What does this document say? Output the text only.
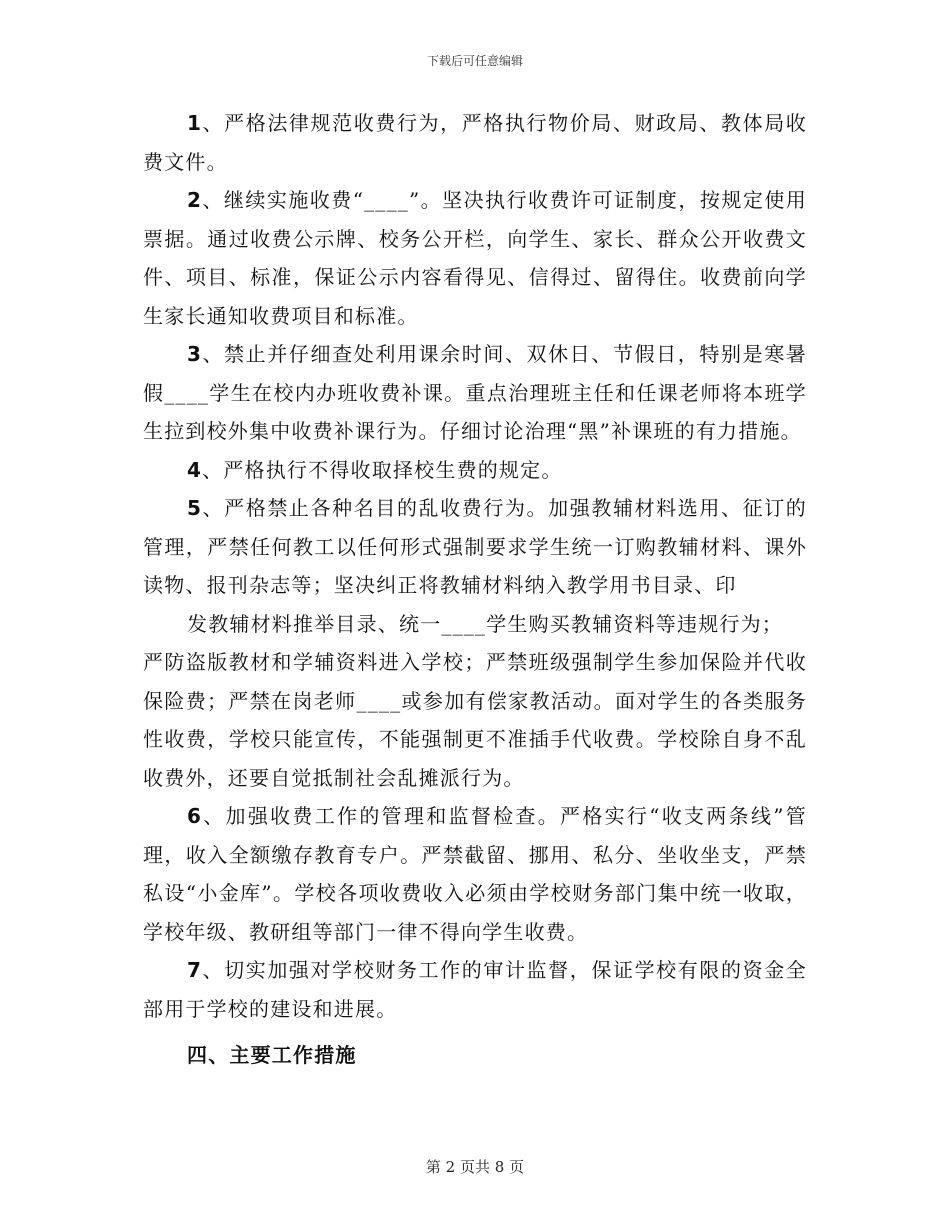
下载后可任意编辑

1、严格法律规范收费行为，严格执行物价局、财政局、教体局收费文件。

2、继续实施收费“____”。坚决执行收费许可证制度，按规定使用票据。通过收费公示牌、校务公开栏，向学生、家长、群众公开收费文件、项目、标准，保证公示内容看得见、信得过、留得住。收费前向学生家长通知收费项目和标准。

3、禁止并仔细查处利用课余时间、双休日、节假日，特别是寒暑假____学生在校内办班收费补课。重点治理班主任和任课老师将本班学生拉到校外集中收费补课行为。仔细讨论治理“黑”补课班的有力措施。

4、严格执行不得收取择校生费的规定。

5、严格禁止各种名目的乱收费行为。加强教辅材料选用、征订的管理，严禁任何教工以任何形式强制要求学生统一订购教辅材料、课外读物、报刊杂志等；坚决纠正将教辅材料纳入教学用书目录、印

发教辅材料推举目录、统一____学生购买教辅资料等违规行为；
严防盗版教材和学辅资料进入学校；严禁班级强制学生参加保险并代收保险费；严禁在岗老师____或参加有偿家教活动。面对学生的各类服务性收费，学校只能宣传，不能强制更不准插手代收费。学校除自身不乱收费外，还要自觉抵制社会乱摊派行为。

6、加强收费工作的管理和监督检查。严格实行“收支两条线”管理，收入全额缴存教育专户。严禁截留、挪用、私分、坐收坐支，严禁私设“小金库”。学校各项收费收入必须由学校财务部门集中统一收取，学校年级、教研组等部门一律不得向学生收费。

7、切实加强对学校财务工作的审计监督，保证学校有限的资金全部用于学校的建设和进展。

四、主要工作措施

第 2 页共 8 页
